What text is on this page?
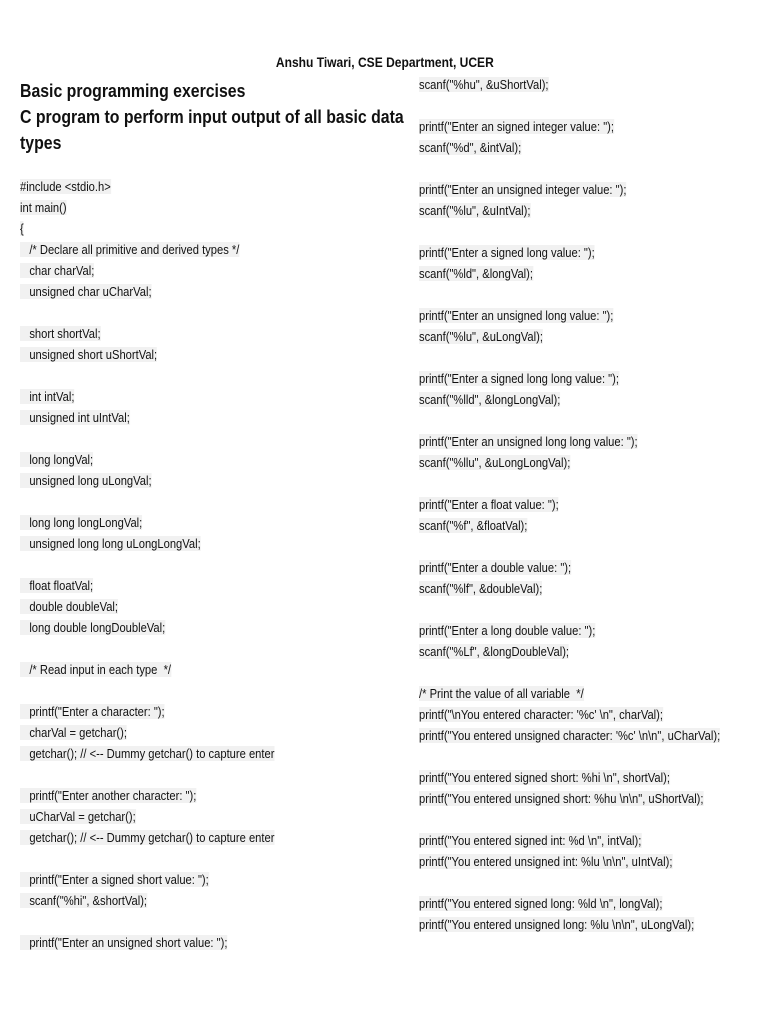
Anshu Tiwari, CSE Department, UCER
Basic programming exercises
C program to perform input output of all basic data
types
#include <stdio.h>
int main()
{
/* Declare all primitive and derived types */
char charVal;
unsigned char uCharVal;
short shortVal;
unsigned short uShortVal;
int intVal;
unsigned int uIntVal;
long longVal;
unsigned long uLongVal;
long long longLongVal;
unsigned long long uLongLongVal;
float floatVal;
double doubleVal;
long double longDoubleVal;
/* Read input in each type  */
printf("Enter a character: ");
charVal = getchar();
getchar(); // <-- Dummy getchar() to capture enter
printf("Enter another character: ");
uCharVal = getchar();
getchar(); // <-- Dummy getchar() to capture enter
printf("Enter a signed short value: ");
scanf("%hi", &shortVal);
printf("Enter an unsigned short value: ");
scanf("%hu", &uShortVal);
printf("Enter an signed integer value: ");
scanf("%d", &intVal);
printf("Enter an unsigned integer value: ");
scanf("%lu", &uIntVal);
printf("Enter a signed long value: ");
scanf("%ld", &longVal);
printf("Enter an unsigned long value: ");
scanf("%lu", &uLongVal);
printf("Enter a signed long long value: ");
scanf("%lld", &longLongVal);
printf("Enter an unsigned long long value: ");
scanf("%llu", &uLongLongVal);
printf("Enter a float value: ");
scanf("%f", &floatVal);
printf("Enter a double value: ");
scanf("%lf", &doubleVal);
printf("Enter a long double value: ");
scanf("%Lf", &longDoubleVal);
/* Print the value of all variable  */
printf("\nYou entered character: '%c' \n", charVal);
printf("You entered unsigned character: '%c' \n\n", uCharVal);
printf("You entered signed short: %hi \n", shortVal);
printf("You entered unsigned short: %hu \n\n", uShortVal);
printf("You entered signed int: %d \n", intVal);
printf("You entered unsigned int: %lu \n\n", uIntVal);
printf("You entered signed long: %ld \n", longVal);
printf("You entered unsigned long: %lu \n\n", uLongVal);
